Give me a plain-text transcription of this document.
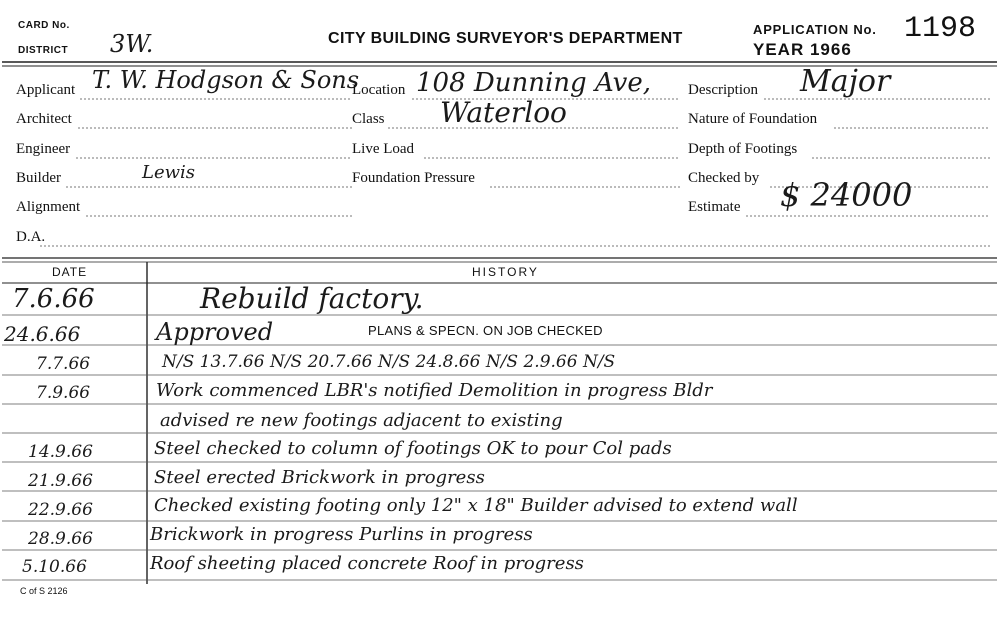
CARD No.
DISTRICT 3W.	CITY BUILDING SURVEYOR'S DEPARTMENT
APPLICATION No. 1198
YEAR 1966
Applicant T. W. Hodgson & Sons
Architect
Engineer
Builder	Lewis
Alignment
D.A.
Location 108 Dunning Ave,
Class Waterloo
Live Load
Foundation Pressure
Description Major
Nature of Foundation
Depth of Footings
Checked by
Estimate $ 24000
DATE	HISTORY
PLANS & SPECN. ON JOB CHECKED
7.6.66	Rebuild factory.
24.6.66	Approved
7.7.66	N/S 13.7.66 N/S 20.7.66 N/S 24.8.66 N/S 2.9.66 N/S
7.9.66	Work commenced LBR's notified Demolition in progress Bldr
advised re new footings adjacent to existing
14.9.66	Steel checked to column of footings OK to pour Col pads
21.9.66	Steel erected Brickwork in progress
22.9.66	Checked existing footing only 12" x 18" Builder advised to extend wall
28.9.66	Brickwork in progress Purlins in progress
5.10.66	Roof sheeting placed concrete Roof in progress
C of S 2126
